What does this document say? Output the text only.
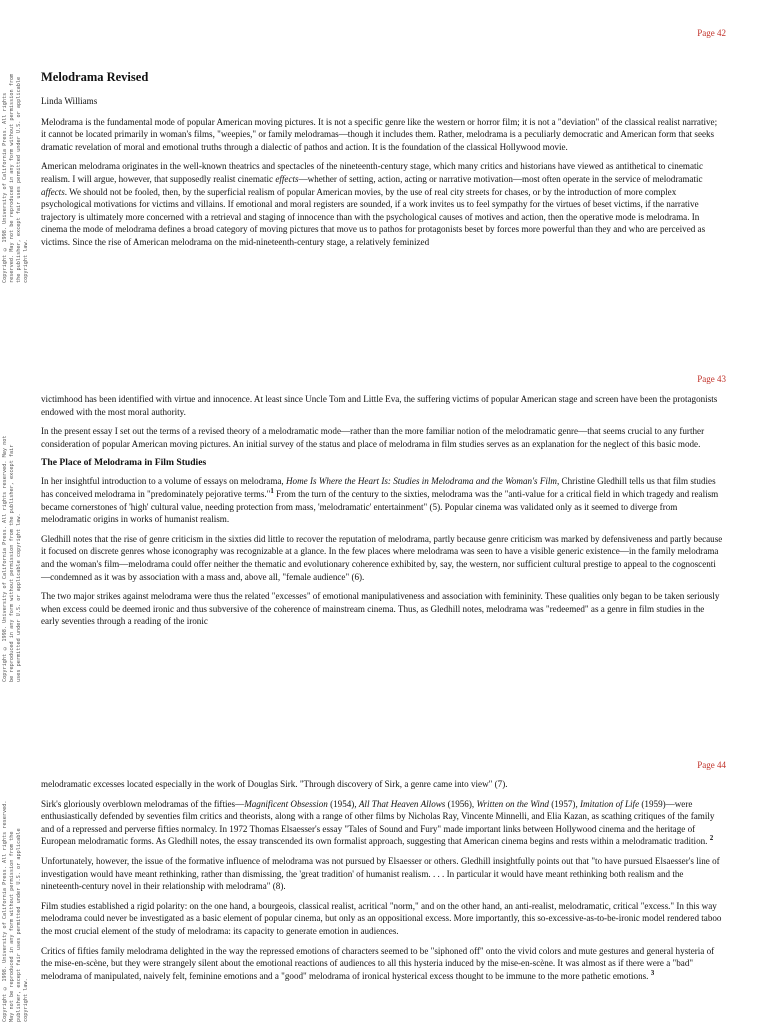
Page 42
Copyright © 1998. University of California Press. All rights reserved. May not be reproduced in any form without permission from the publisher, except fair uses permitted under U.S. or applicable copyright law.
Melodrama Revised

Linda Williams

Melodrama is the fundamental mode of popular American moving pictures. It is not a specific genre like the western or horror film; it is not a "deviation" of the classical realist narrative; it cannot be located primarily in woman's films, "weepies," or family melodramas—though it includes them. Rather, melodrama is a peculiarly democratic and American form that seeks dramatic revelation of moral and emotional truths through a dialectic of pathos and action. It is the foundation of the classical Hollywood movie.

American melodrama originates in the well-known theatrics and spectacles of the nineteenth-century stage, which many critics and historians have viewed as antithetical to cinematic realism. I will argue, however, that supposedly realist cinematic effects—whether of setting, action, acting or narrative motivation—most often operate in the service of melodramatic affects. We should not be fooled, then, by the superficial realism of popular American movies, by the use of real city streets for chases, or by the introduction of more complex psychological motivations for victims and villains. If emotional and moral registers are sounded, if a work invites us to feel sympathy for the virtues of beset victims, if the narrative trajectory is ultimately more concerned with a retrieval and staging of innocence than with the psychological causes of motives and action, then the operative mode is melodrama. In cinema the mode of melodrama defines a broad category of moving pictures that move us to pathos for protagonists beset by forces more powerful than they and who are perceived as victims. Since the rise of American melodrama on the mid-nineteenth-century stage, a relatively feminized

Page 43
Copyright © 1998. University of California Press. All rights reserved. May not be reproduced in any form without permission from the publisher, except fair uses permitted under U.S. or applicable copyright law.

victimhood has been identified with virtue and innocence. At least since Uncle Tom and Little Eva, the suffering victims of popular American stage and screen have been the protagonists endowed with the most moral authority.

In the present essay I set out the terms of a revised theory of a melodramatic mode—rather than the more familiar notion of the melodramatic genre—that seems crucial to any further consideration of popular American moving pictures. An initial survey of the status and place of melodrama in film studies serves as an explanation for the neglect of this basic mode.

The Place of Melodrama in Film Studies

In her insightful introduction to a volume of essays on melodrama, Home Is Where the Heart Is: Studies in Melodrama and the Woman's Film, Christine Gledhill tells us that film studies has conceived melodrama in "predominately pejorative terms."$^1$ From the turn of the century to the sixties, melodrama was the "anti-value for a critical field in which tragedy and realism became cornerstones of 'high' cultural value, needing protection from mass, 'melodramatic' entertainment" (5). Popular cinema was validated only as it seemed to diverge from melodramatic origins in works of humanist realism.

Gledhill notes that the rise of genre criticism in the sixties did little to recover the reputation of melodrama, partly because genre criticism was marked by defensiveness and partly because it focused on discrete genres whose iconography was recognizable at a glance. In the few places where melodrama was seen to have a visible generic existence—in the family melodrama and the woman's film—melodrama could offer neither the thematic and evolutionary coherence exhibited by, say, the western, nor sufficient cultural prestige to appeal to the cognoscenti—condemned as it was by association with a mass and, above all, "female audience" (6).

The two major strikes against melodrama were thus the related "excesses" of emotional manipulativeness and association with femininity. These qualities only began to be taken seriously when excess could be deemed ironic and thus subversive of the coherence of mainstream cinema. Thus, as Gledhill notes, melodrama was "redeemed" as a genre in film studies in the early seventies through a reading of the ironic

Page 44
Copyright © 1998. University of California Press. All rights reserved. May not be reproduced in any form without permission from the publisher, except fair uses permitted under U.S. or applicable copyright law.

melodramatic excesses located especially in the work of Douglas Sirk. "Through discovery of Sirk, a genre came into view" (7).

Sirk's gloriously overblown melodramas of the fifties—Magnificent Obsession (1954), All That Heaven Allows (1956), Written on the Wind (1957), Imitation of Life (1959)—were enthusiastically defended by seventies film critics and theorists, along with a range of other films by Nicholas Ray, Vincente Minnelli, and Elia Kazan, as scathing critiques of the family and of a repressed and perverse fifties normalcy. In 1972 Thomas Elsaesser's essay "Tales of Sound and Fury" made important links between Hollywood cinema and the heritage of European melodramatic forms. As Gledhill notes, the essay transcended its own formalist approach, suggesting that American cinema begins and rests within a melodramatic tradition. $^2$

Unfortunately, however, the issue of the formative influence of melodrama was not pursued by Elsaesser or others. Gledhill insightfully points out that "to have pursued Elsaesser's line of investigation would have meant rethinking, rather than dismissing, the 'great tradition' of humanist realism. . . . In particular it would have meant rethinking both realism and the nineteenth-century novel in their relationship with melodrama" (8).

Film studies established a rigid polarity: on the one hand, a bourgeois, classical realist, acritical "norm," and on the other hand, an anti-realist, melodramatic, critical "excess." In this way melodrama could never be investigated as a basic element of popular cinema, but only as an oppositional excess. More importantly, this so-excessive-as-to-be-ironic model rendered taboo the most crucial element of the study of melodrama: its capacity to generate emotion in audiences.

Critics of fifties family melodrama delighted in the way the repressed emotions of characters seemed to be "siphoned off" onto the vivid colors and mute gestures and general hysteria of the mise-en-scène, but they were strangely silent about the emotional reactions of audiences to all this hysteria induced by the mise-en-scène. It was almost as if there were a "bad" melodrama of manipulated, naively felt, feminine emotions and a "good" melodrama of ironical hysterical excess thought to be immune to the more pathetic emotions. $^3$
